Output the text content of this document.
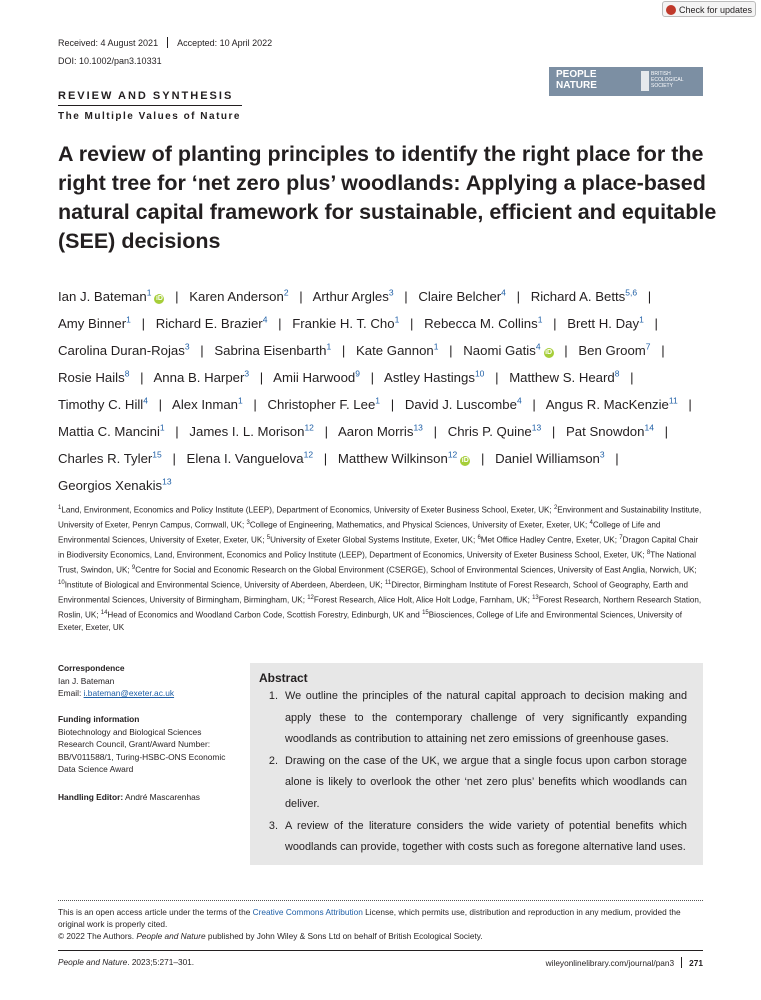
Check for updates
Received: 4 August 2021 Accepted: 10 April 2022
DOI: 10.1002/pan3.10331
REVIEW AND SYNTHESIS
The Multiple Values of Nature
PEOPLE
NATURE
BRITISH
ECOLOGICAL
SOCIETY
A review of planting principles to identify the right place for the right tree for ‘net zero plus’ woodlands: Applying a place-based natural capital framework for sustainable, efficient and equitable (SEE) decisions
Ian J. Bateman$^1$iD | Karen Anderson$^2$ | Arthur Argles$^3$ | Claire Belcher$^4$ | Richard A. Betts$^{5,6}$ | Amy Binner$^1$ | Richard E. Brazier$^4$ | Frankie H. T. Cho$^1$ | Rebecca M. Collins$^1$ | Brett H. Day$^1$ | Carolina Duran-Rojas$^3$ | Sabrina Eisenbarth$^1$ | Kate Gannon$^1$ | Naomi Gatis$^4$iD | Ben Groom$^7$ | Rosie Hails$^8$ | Anna B. Harper$^3$ | Amii Harwood$^9$ | Astley Hastings$^{10}$ | Matthew S. Heard$^8$ | Timothy C. Hill$^4$ | Alex Inman$^1$ | Christopher F. Lee$^1$ | David J. Luscombe$^4$ | Angus R. MacKenzie$^{11}$ | Mattia C. Mancini$^1$ | James I. L. Morison$^{12}$ | Aaron Morris$^{13}$ | Chris P. Quine$^{13}$ | Pat Snowdon$^{14}$ | Charles R. Tyler$^{15}$ | Elena I. Vanguelova$^{12}$ | Matthew Wilkinson$^{12}$iD | Daniel Williamson$^3$ | Georgios Xenakis$^{13}$
$^1$Land, Environment, Economics and Policy Institute (LEEP), Department of Economics, University of Exeter Business School, Exeter, UK; $^2$Environment and Sustainability Institute, University of Exeter, Penryn Campus, Cornwall, UK; $^3$College of Engineering, Mathematics, and Physical Sciences, University of Exeter, Exeter, UK; $^4$College of Life and Environmental Sciences, University of Exeter, Exeter, UK; $^5$University of Exeter Global Systems Institute, Exeter, UK; $^6$Met Office Hadley Centre, Exeter, UK; $^7$Dragon Capital Chair in Biodiversity Economics, Land, Environment, Economics and Policy Institute (LEEP), Department of Economics, University of Exeter Business School, Exeter, UK; $^8$The National Trust, Swindon, UK; $^9$Centre for Social and Economic Research on the Global Environment (CSERGE), School of Environmental Sciences, University of East Anglia, Norwich, UK; $^{10}$Institute of Biological and Environmental Science, University of Aberdeen, Aberdeen, UK; $^{11}$Director, Birmingham Institute of Forest Research, School of Geography, Earth and Environmental Sciences, University of Birmingham, Birmingham, UK; $^{12}$Forest Research, Alice Holt, Alice Holt Lodge, Farnham, UK; $^{13}$Forest Research, Northern Research Station, Roslin, UK; $^{14}$Head of Economics and Woodland Carbon Code, Scottish Forestry, Edinburgh, UK and $^{15}$Biosciences, College of Life and Environmental Sciences, University of Exeter, Exeter, UK
Correspondence
Ian J. Bateman
Email: i.bateman@exeter.ac.uk
Funding information
Biotechnology and Biological Sciences Research Council, Grant/Award Number: BB/V011588/1, Turing-HSBC-ONS Economic Data Science Award
Handling Editor: André Mascarenhas
Abstract
1. We outline the principles of the natural capital approach to decision making and apply these to the contemporary challenge of very significantly expanding woodlands as contribution to attaining net zero emissions of greenhouse gases.
2. Drawing on the case of the UK, we argue that a single focus upon carbon storage alone is likely to overlook the other ‘net zero plus’ benefits which woodlands can deliver.
3. A review of the literature considers the wide variety of potential benefits which woodlands can provide, together with costs such as foregone alternative land uses.
This is an open access article under the terms of the Creative Commons Attribution License, which permits use, distribution and reproduction in any medium, provided the original work is properly cited.
© 2022 The Authors. People and Nature published by John Wiley & Sons Ltd on behalf of British Ecological Society.
People and Nature. 2023;5:271–301.	wileyonlinelibrary.com/journal/pan3 271
